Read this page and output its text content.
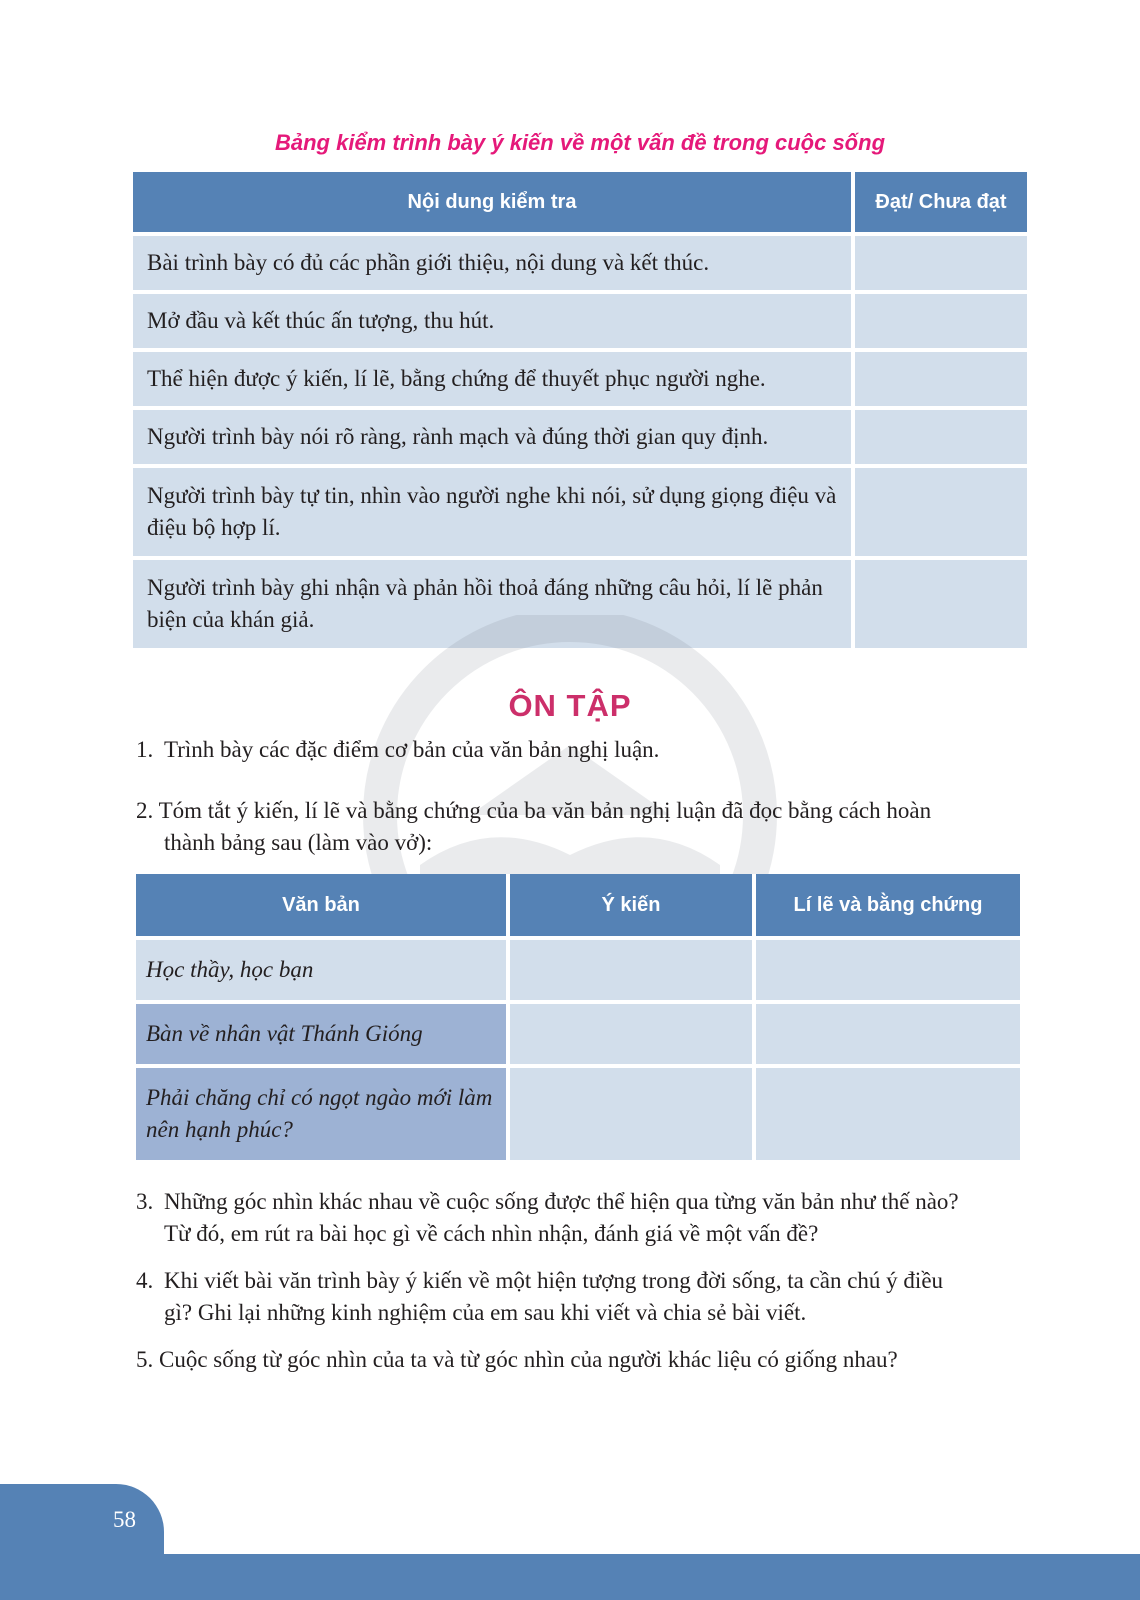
Bảng kiểm trình bày ý kiến về một vấn đề trong cuộc sống
Nội dung kiểm tra	Đạt/ Chưa đạt
Bài trình bày có đủ các phần giới thiệu, nội dung và kết thúc.	
Mở đầu và kết thúc ấn tượng, thu hút.	
Thể hiện được ý kiến, lí lẽ, bằng chứng để thuyết phục người nghe.	
Người trình bày nói rõ ràng, rành mạch và đúng thời gian quy định.	
Người trình bày tự tin, nhìn vào người nghe khi nói, sử dụng giọng điệu và điệu bộ hợp lí.	
Người trình bày ghi nhận và phản hồi thoả đáng những câu hỏi, lí lẽ phản biện của khán giả.	
ÔN TẬP
1. Trình bày các đặc điểm cơ bản của văn bản nghị luận.
2. Tóm tắt ý kiến, lí lẽ và bằng chứng của ba văn bản nghị luận đã đọc bằng cách hoàn
thành bảng sau (làm vào vở):
Văn bản	Ý kiến	Lí lẽ và bằng chứng
Học thầy, học bạn		
Bàn về nhân vật Thánh Gióng		
Phải chăng chỉ có ngọt ngào mới làm nên hạnh phúc?		
3. Những góc nhìn khác nhau về cuộc sống được thể hiện qua từng văn bản như thế nào?
Từ đó, em rút ra bài học gì về cách nhìn nhận, đánh giá về một vấn đề?
4. Khi viết bài văn trình bày ý kiến về một hiện tượng trong đời sống, ta cần chú ý điều
gì? Ghi lại những kinh nghiệm của em sau khi viết và chia sẻ bài viết.
5. Cuộc sống từ góc nhìn của ta và từ góc nhìn của người khác liệu có giống nhau?
58
